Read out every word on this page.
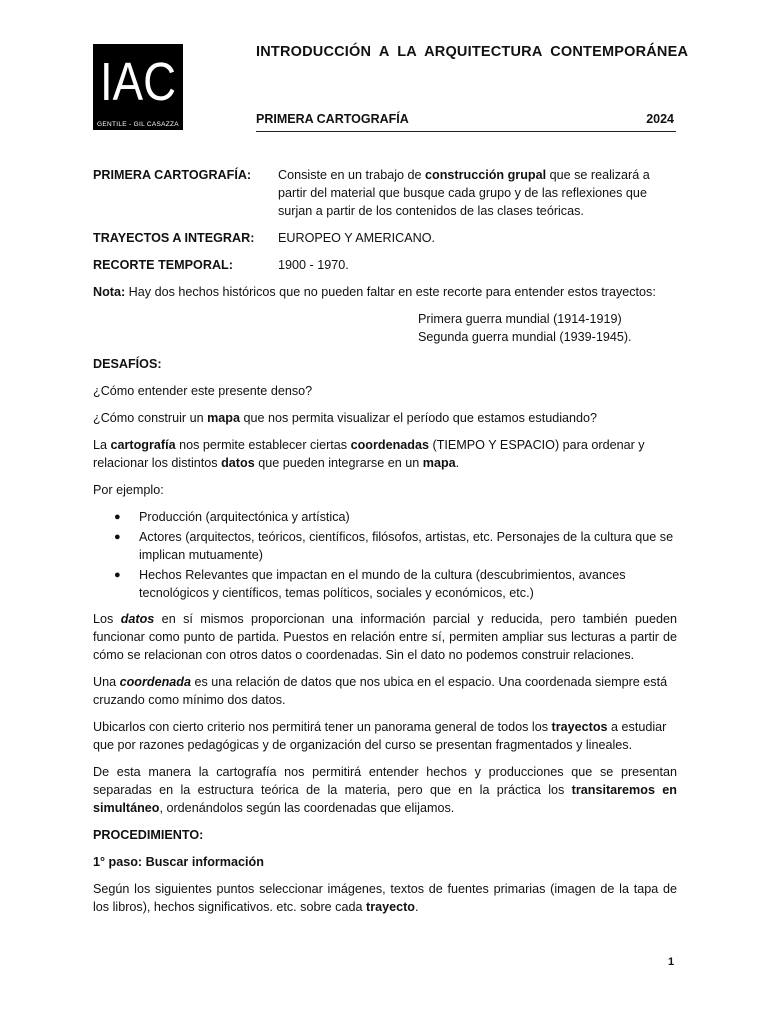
IAC
GENTILE - GIL CASAZZA
INTRODUCCIÓN A LA ARQUITECTURA CONTEMPORÁNEA
PRIMERA CARTOGRAFÍA	2024
PRIMERA CARTOGRAFÍA:	Consiste en un trabajo de construcción grupal que se realizará a partir del material que busque cada grupo y de las reflexiones que surjan a partir de los contenidos de las clases teóricas.
TRAYECTOS A INTEGRAR:	EUROPEO Y AMERICANO.
RECORTE TEMPORAL:	1900 - 1970.
Nota: Hay dos hechos históricos que no pueden faltar en este recorte para entender estos trayectos:
Primera guerra mundial (1914-1919)
Segunda guerra mundial (1939-1945).
DESAFÍOS:
¿Cómo entender este presente denso?
¿Cómo construir un mapa que nos permita visualizar el período que estamos estudiando?
La cartografía nos permite establecer ciertas coordenadas (TIEMPO Y ESPACIO) para ordenar y relacionar los distintos datos que pueden integrarse en un mapa.
Por ejemplo:
● Producción (arquitectónica y artística)
● Actores (arquitectos, teóricos, científicos, filósofos, artistas, etc. Personajes de la cultura que se implican mutuamente)
● Hechos Relevantes que impactan en el mundo de la cultura (descubrimientos, avances tecnológicos y científicos, temas políticos, sociales y económicos, etc.)
Los datos en sí mismos proporcionan una información parcial y reducida, pero también pueden funcionar como punto de partida. Puestos en relación entre sí, permiten ampliar sus lecturas a partir de cómo se relacionan con otros datos o coordenadas. Sin el dato no podemos construir relaciones.
Una coordenada es una relación de datos que nos ubica en el espacio. Una coordenada siempre está cruzando como mínimo dos datos.
Ubicarlos con cierto criterio nos permitirá tener un panorama general de todos los trayectos a estudiar que por razones pedagógicas y de organización del curso se presentan fragmentados y lineales.
De esta manera la cartografía nos permitirá entender hechos y producciones que se presentan separadas en la estructura teórica de la materia, pero que en la práctica los transitaremos en simultáneo, ordenándolos según las coordenadas que elijamos.
PROCEDIMIENTO:
1° paso: Buscar información
Según los siguientes puntos seleccionar imágenes, textos de fuentes primarias (imagen de la tapa de los libros), hechos significativos. etc. sobre cada trayecto.
1
